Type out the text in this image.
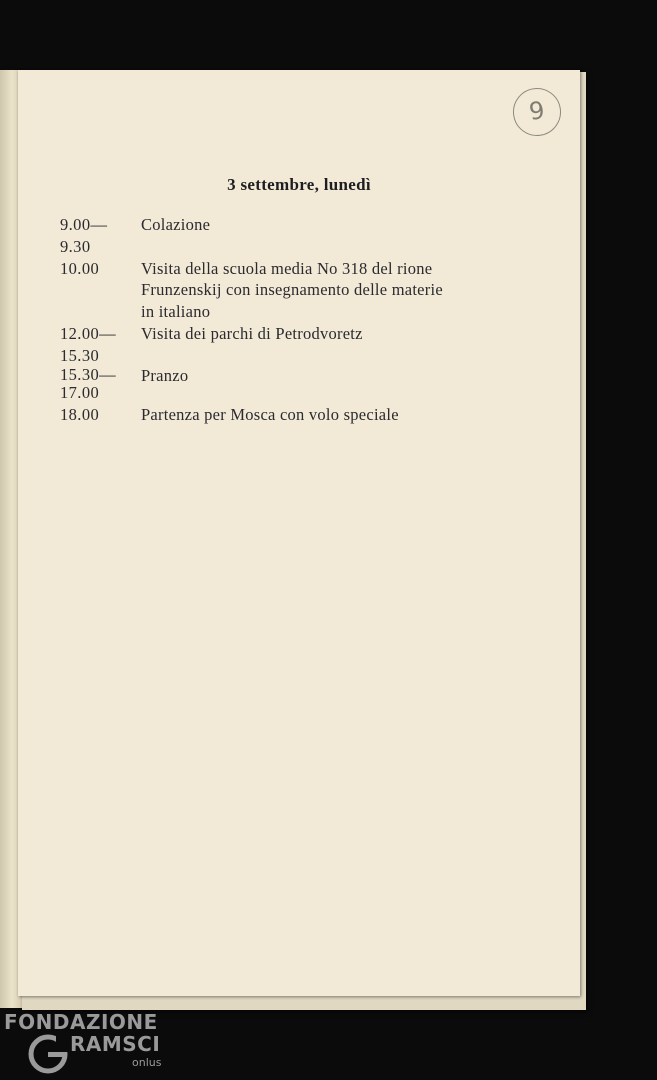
9
3 settembre, lunedì
9.00—
9.30
Colazione
10.00	Visita della scuola media No 318 del rione
Frunzenskij con insegnamento delle materie
in italiano
12.00—
15.30
Visita dei parchi di Petrodvoretz
15.30—
17.00
Pranzo
18.00	Partenza per Mosca con volo speciale
FONDAZIONE
RAMSCI
onlus
